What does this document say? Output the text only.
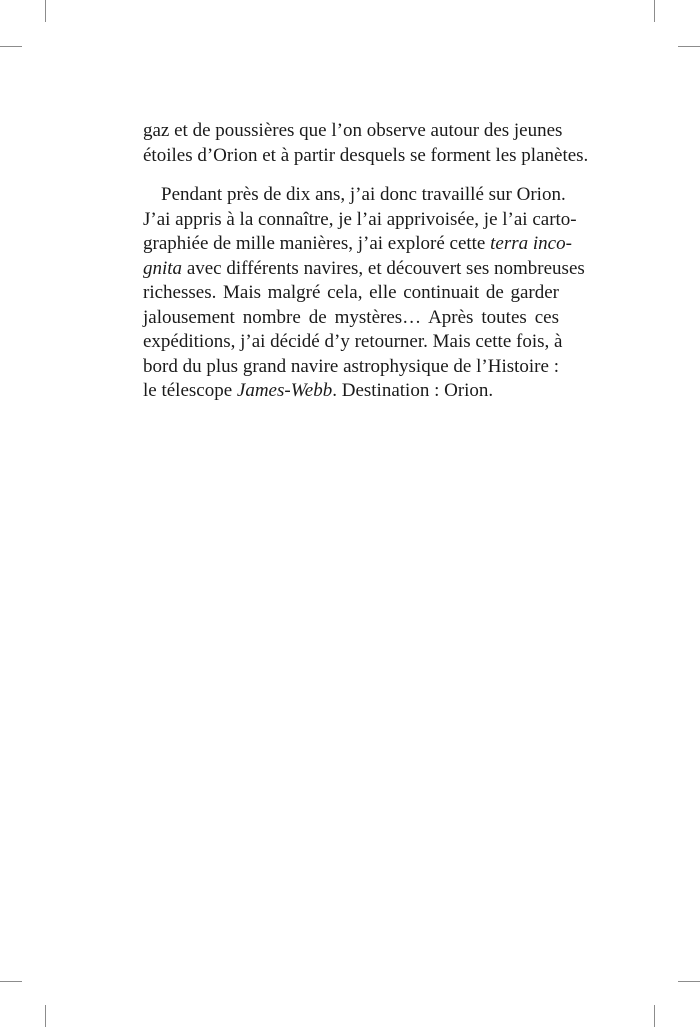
gaz et de poussières que l’on observe autour des jeunes
étoiles d’Orion et à partir desquels se forment les planètes.

Pendant près de dix ans, j’ai donc travaillé sur Orion.
J’ai appris à la connaître, je l’ai apprivoisée, je l’ai carto-
graphiée de mille manières, j’ai exploré cette terra inco-
gnita avec différents navires, et découvert ses nombreuses
richesses. Mais malgré cela, elle continuait de garder
jalousement nombre de mystères… Après toutes ces
expéditions, j’ai décidé d’y retourner. Mais cette fois, à
bord du plus grand navire astrophysique de l’Histoire :
le télescope James-Webb. Destination : Orion.
